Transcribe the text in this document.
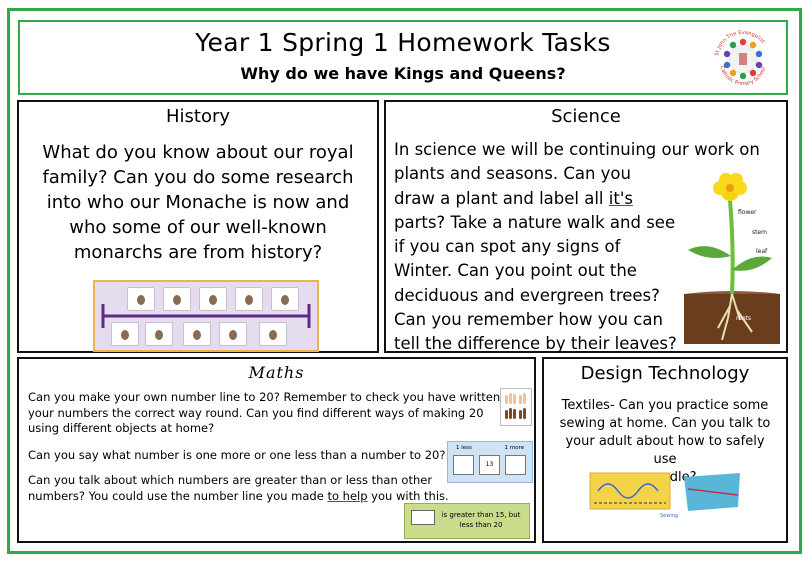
Year 1 Spring 1 Homework Tasks
Why do we have Kings and Queens?
St John The Evangelist
Catholic Primary School
History
What do you know about our royal
family? Can you do some research
into who our Monache is now and
who some of our well-known
monarchs are from history?
Science
In science we will be continuing our work on
plants and seasons. Can you
draw a plant and label all it's
parts? Take a nature walk and see
if you can spot any signs of
Winter. Can you point out the
deciduous and evergreen trees?
Can you remember how you can
tell the difference by their leaves?
flower
stem
leaf
roots
Maths
Can you make your own number line to 20? Remember to check you have written
your numbers the correct way round. Can you find different ways of making 20
using different objects at home?
Can you say what number is one more or one less than a number to 20?
Can you talk about which numbers are greater than or less than other
numbers? You could use the number line you made to help you with this.
1 less	1 more
13
is greater than 15, but less than 20
Design Technology
Textiles- Can you practice some
sewing at home. Can you talk to
your adult about how to safely use
needle?
Sewing
